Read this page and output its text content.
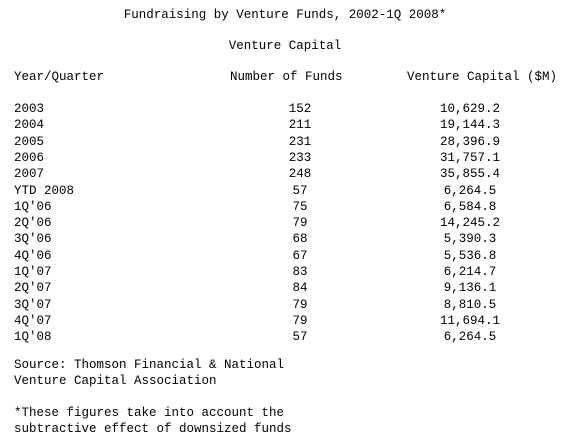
Fundraising by Venture Funds, 2002-1Q 2008*
Venture Capital
Year/Quarter	Number of Funds	Venture Capital ($M)
2003	152	10,629.2
2004	211	19,144.3
2005	231	28,396.9
2006	233	31,757.1
2007	248	35,855.4
YTD 2008	57	6,264.5
1Q'06	75	6,584.8
2Q'06	79	14,245.2
3Q'06	68	5,390.3
4Q'06	67	5,536.8
1Q'07	83	6,214.7
2Q'07	84	9,136.1
3Q'07	79	8,810.5
4Q'07	79	11,694.1
1Q'08	57	6,264.5
Source: Thomson Financial & National
Venture Capital Association
*These figures take into account the
subtractive effect of downsized funds
